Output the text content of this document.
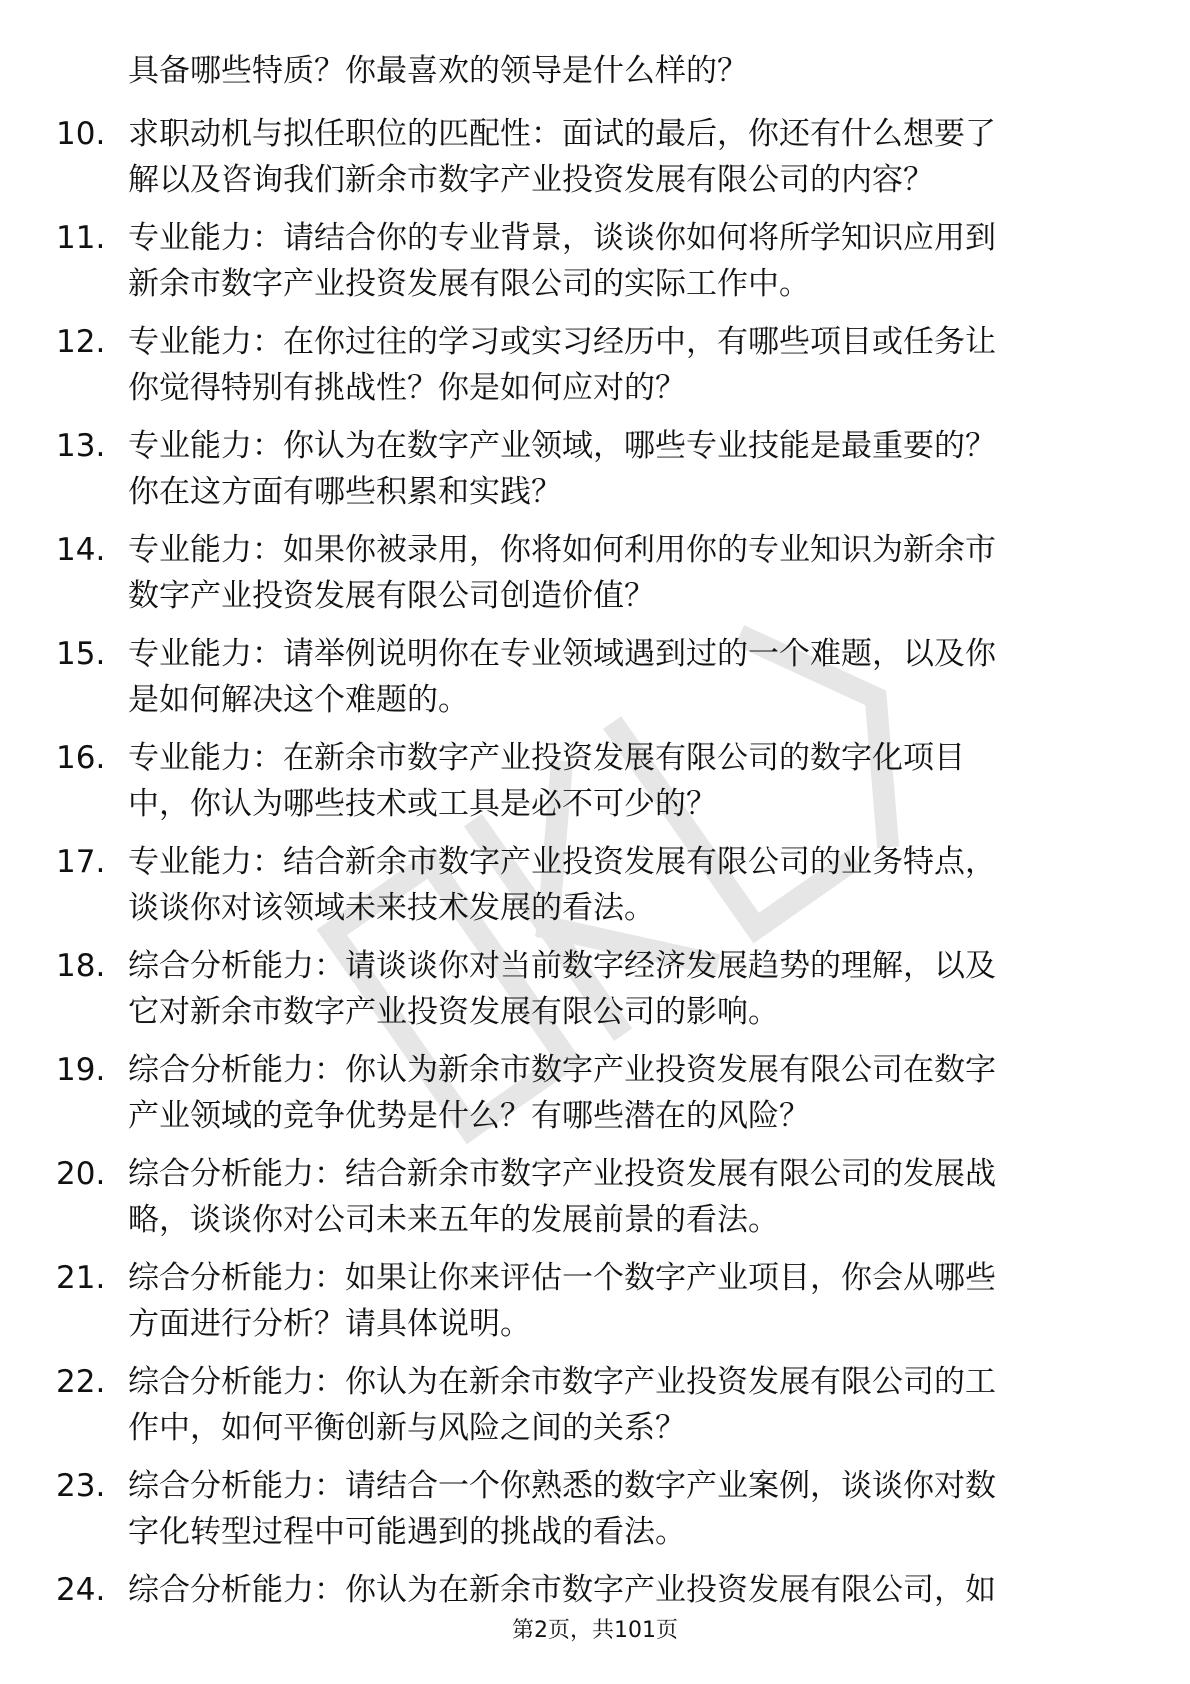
具备哪些特质？你最喜欢的领导是什么样的？
10. 求职动机与拟任职位的匹配性：面试的最后，你还有什么想要了
解以及咨询我们新余市数字产业投资发展有限公司的内容？
11. 专业能力：请结合你的专业背景，谈谈你如何将所学知识应用到
新余市数字产业投资发展有限公司的实际工作中。
12. 专业能力：在你过往的学习或实习经历中，有哪些项目或任务让
你觉得特别有挑战性？你是如何应对的？
13. 专业能力：你认为在数字产业领域，哪些专业技能是最重要的？
你在这方面有哪些积累和实践？
14. 专业能力：如果你被录用，你将如何利用你的专业知识为新余市
数字产业投资发展有限公司创造价值？
15. 专业能力：请举例说明你在专业领域遇到过的一个难题，以及你
是如何解决这个难题的。
16. 专业能力：在新余市数字产业投资发展有限公司的数字化项目
中，你认为哪些技术或工具是必不可少的？
17. 专业能力：结合新余市数字产业投资发展有限公司的业务特点，
谈谈你对该领域未来技术发展的看法。
18. 综合分析能力：请谈谈你对当前数字经济发展趋势的理解，以及
它对新余市数字产业投资发展有限公司的影响。
19. 综合分析能力：你认为新余市数字产业投资发展有限公司在数字
产业领域的竞争优势是什么？有哪些潜在的风险？
20. 综合分析能力：结合新余市数字产业投资发展有限公司的发展战
略，谈谈你对公司未来五年的发展前景的看法。
21. 综合分析能力：如果让你来评估一个数字产业项目，你会从哪些
方面进行分析？请具体说明。
22. 综合分析能力：你认为在新余市数字产业投资发展有限公司的工
作中，如何平衡创新与风险之间的关系？
23. 综合分析能力：请结合一个你熟悉的数字产业案例，谈谈你对数
字化转型过程中可能遇到的挑战的看法。
24. 综合分析能力：你认为在新余市数字产业投资发展有限公司，如
第2页，共101页
